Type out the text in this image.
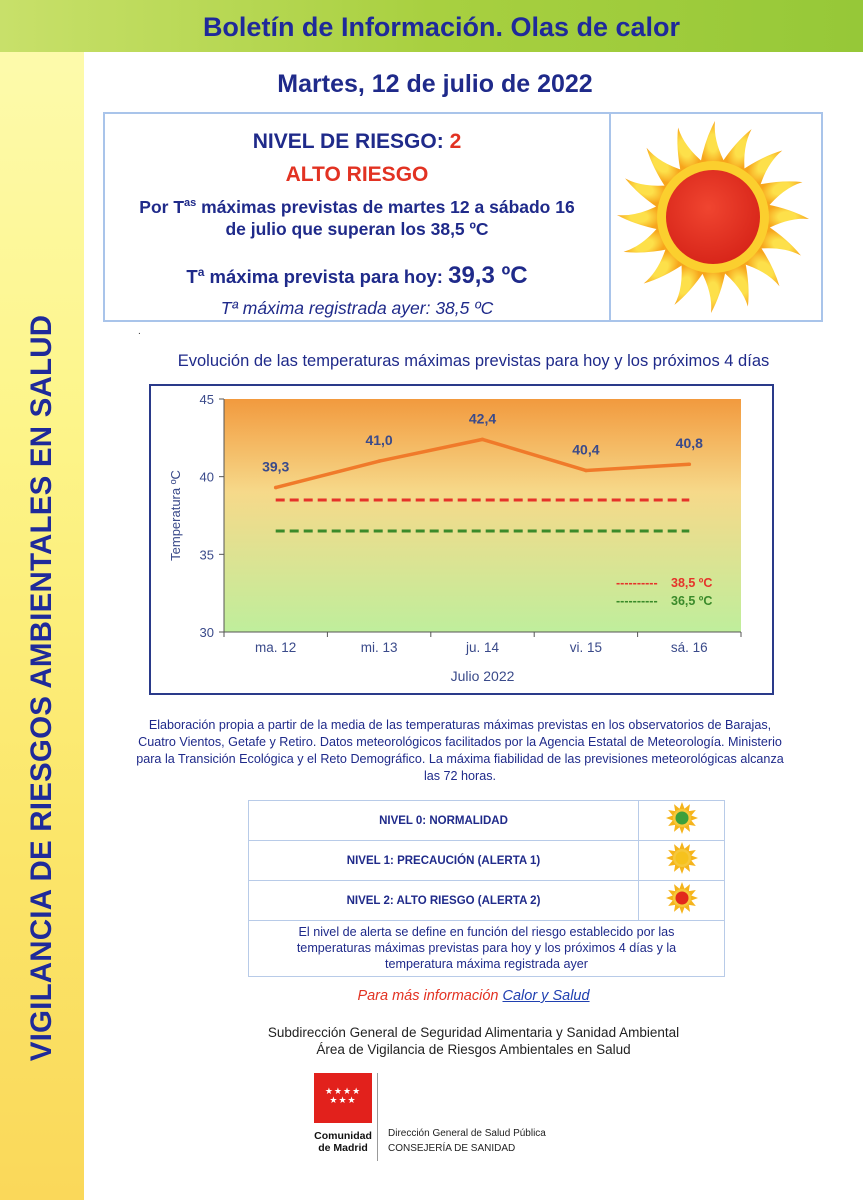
VIGILANCIA DE RIESGOS AMBIENTALES EN SALUD
Boletín de Información. Olas de calor
Martes, 12 de julio de 2022
NIVEL DE RIESGO: 2
ALTO RIESGO
Por $T^{as}$ máximas previstas de martes 12 a sábado 16 de julio que superan los 38,5 ºC
$T^a$ máxima prevista para hoy: 39,3 ºC
Tª máxima registrada ayer: 38,5 ºC
.
Evolución de las temperaturas máximas previstas para hoy y los próximos 4 días
30
35
40
45
ma. 12	mi. 13	ju. 14	vi. 15	sá. 16
Temperatura ºC
Julio 2022
39,3
41,0
42,4
40,4	40,8
---------- 38,5 ºC
---------- 36,5 ºC
Elaboración propia a partir de la media de las temperaturas máximas previstas en los observatorios de Barajas, Cuatro Vientos, Getafe y Retiro. Datos meteorológicos facilitados por la Agencia Estatal de Meteorología. Ministerio para la Transición Ecológica y el Reto Demográfico. La máxima fiabilidad de las previsiones meteorológicas alcanza las 72 horas.
NIVEL 0: NORMALIDAD	
NIVEL 1: PRECAUCIÓN (ALERTA 1)	
NIVEL 2: ALTO RIESGO (ALERTA 2)	
El nivel de alerta se define en función del riesgo establecido por las temperaturas máximas previstas para hoy y los próximos 4 días y la temperatura máxima registrada ayer	
Para más información Calor y Salud
Subdirección General de Seguridad Alimentaria y Sanidad Ambiental
Área de Vigilancia de Riesgos Ambientales en Salud
★★★★
★★★
Comunidad
de Madrid
Dirección General de Salud Pública
CONSEJERÍA DE SANIDAD
